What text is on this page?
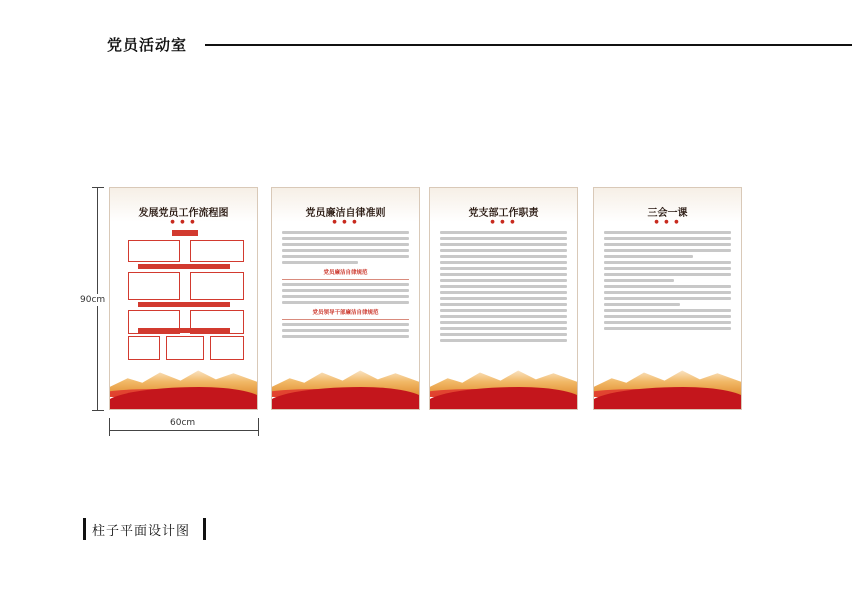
党员活动室
90cm
60cm
发展党员工作流程图
● ● ●
党员廉洁自律准则
● ● ●
党员廉洁自律规范
党员领导干部廉洁自律规范
党支部工作职责
● ● ●
三会一课
● ● ●
柱子平面设计图
